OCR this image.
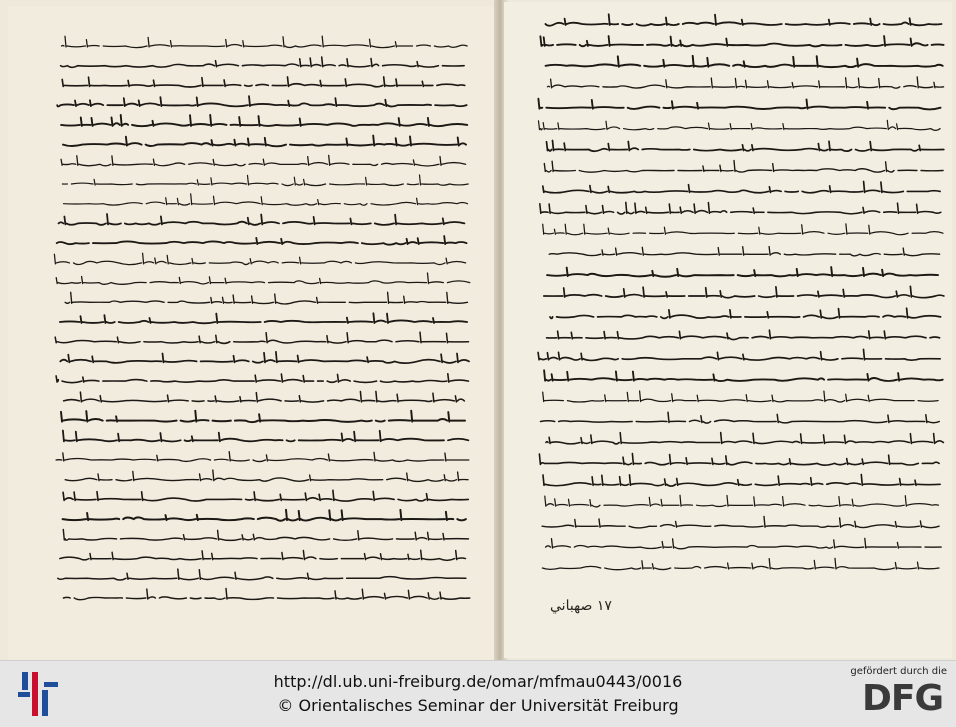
١٧ صهباني
http://dl.ub.uni-freiburg.de/omar/mfmau0443/0016
© Orientalisches Seminar der Universität Freiburg
gefördert durch die
DFG
